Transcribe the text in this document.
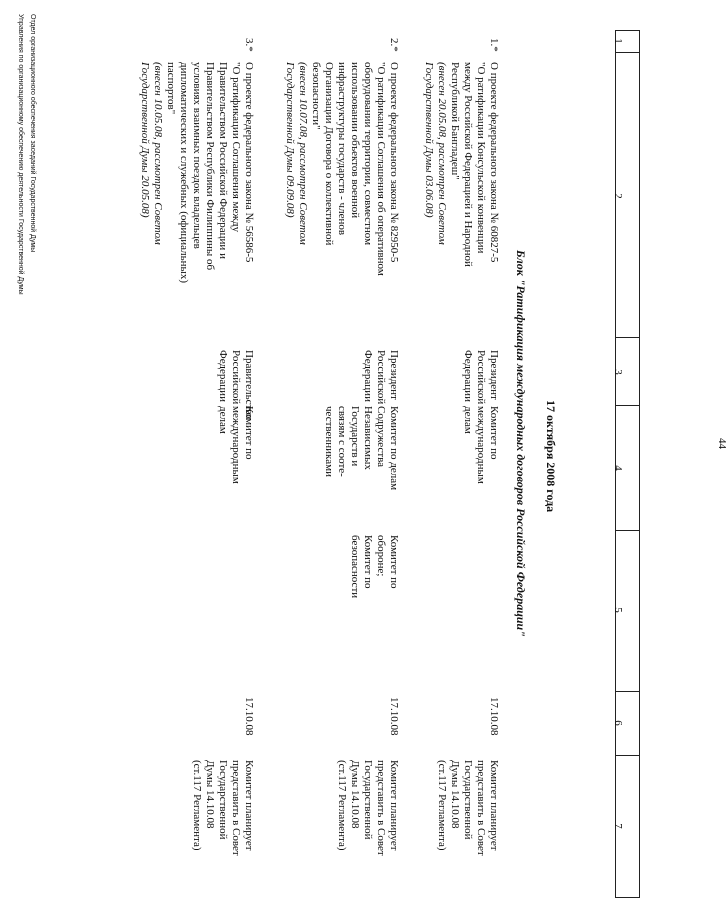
44
1
2
3
4
5
6
7
17 октября 2008 года
Блок "Ратификация международных договоров Российской Федерации"
1.*
О проекте федерального закона № 60827-5
"О ратификации Консульской конвенции
между Российской Федерацией и Народной
Республикой Бангладеш"
(внесен 20.05.08, рассмотрен Советом
Государственной Думы 03.06.08)
Президент
Российской
Федерации
Комитет по
международным
делам
17.10.08
Комитет планирует
представить в Совет
Государственной
Думы 14.10.08
(ст.117 Регламента)
2.*
О проекте федерального закона № 82950-5
"О ратификации Соглашения об оперативном
оборудовании территории, совместном
использовании объектов военной
инфраструктуры государств - членов
Организации Договора о коллективной
безопасности"
(внесен 10.07.08, рассмотрен Советом
Государственной Думы 09.09.08)
Президент
Российской
Федерации
Комитет по делам
Содружества
Независимых
Государств и
связям с сооте-
чественниками
Комитет по
обороне;
Комитет по
безопасности
17.10.08
Комитет планирует
представить в Совет
Государственной
Думы 14.10.08
(ст.117 Регламента)
3.*
О проекте федерального закона № 56586-5
"О ратификации Соглашения между
Правительством Российской Федерации и
Правительством Республики Филиппины об
условиях взаимных поездок владельцев
дипломатических и служебных (официальных)
паспортов"
(внесен 10.05.08, рассмотрен Советом
Государственной Думы 20.05.08)
Правительство
Российской
Федерации
Комитет по
международным
делам
17.10.08
Комитет планирует
представить в Совет
Государственной
Думы 14.10.08
(ст.117 Регламента)
Отдел организационного обеспечения заседаний Государственной Думы
Управления по организационному обеспечению деятельности Государственной Думы
